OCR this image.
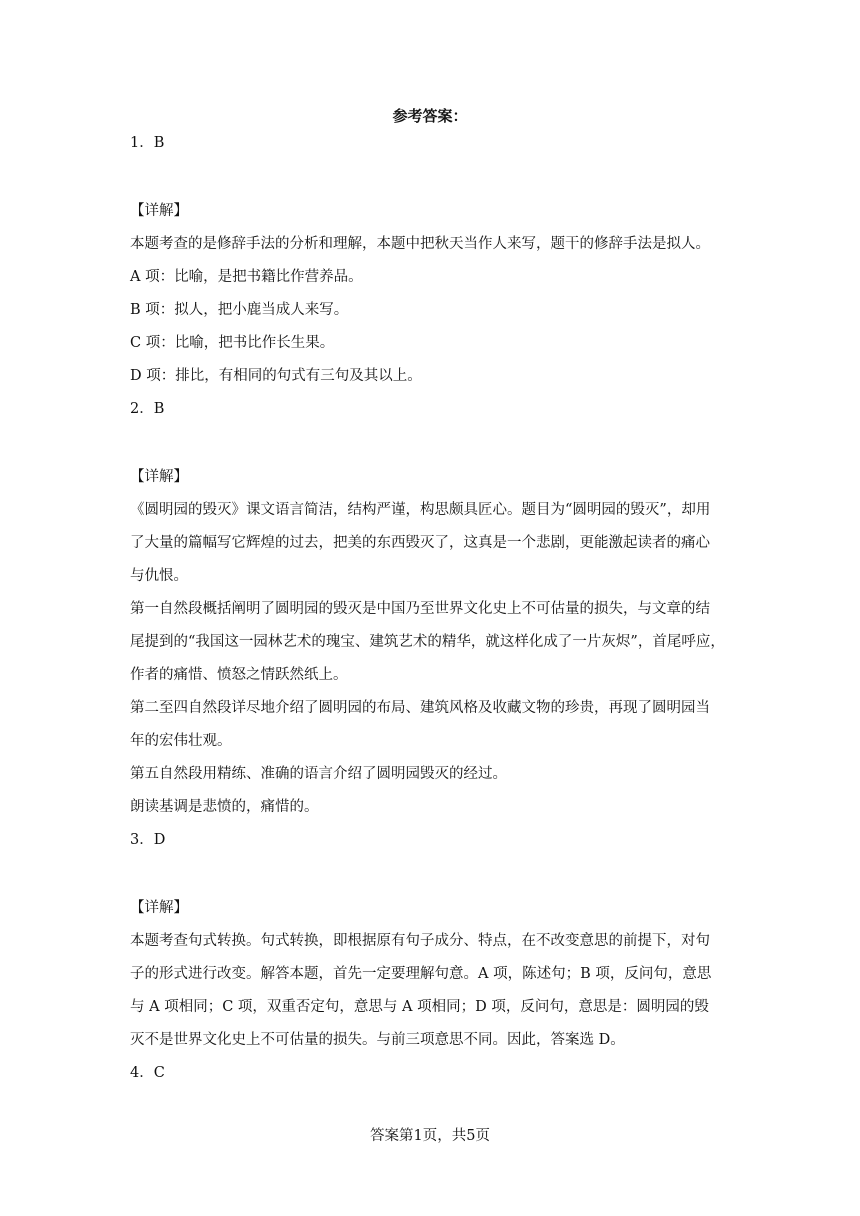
参考答案：

1．B

【详解】

本题考查的是修辞手法的分析和理解，本题中把秋天当作人来写，题干的修辞手法是拟人。

A 项：比喻，是把书籍比作营养品。

B 项：拟人，把小鹿当成人来写。

C 项：比喻，把书比作长生果。

D 项：排比，有相同的句式有三句及其以上。

2．B

【详解】

《圆明园的毁灭》课文语言简洁，结构严谨，构思颇具匠心。题目为“圆明园的毁灭”，却用

了大量的篇幅写它辉煌的过去，把美的东西毁灭了，这真是一个悲剧，更能激起读者的痛心

与仇恨。

第一自然段概括阐明了圆明园的毁灭是中国乃至世界文化史上不可估量的损失，与文章的结

尾提到的“我国这一园林艺术的瑰宝、建筑艺术的精华，就这样化成了一片灰烬”，首尾呼应，

作者的痛惜、愤怒之情跃然纸上。

第二至四自然段详尽地介绍了圆明园的布局、建筑风格及收藏文物的珍贵，再现了圆明园当

年的宏伟壮观。

第五自然段用精练、准确的语言介绍了圆明园毁灭的经过。

朗读基调是悲愤的，痛惜的。

3．D

【详解】

本题考查句式转换。句式转换，即根据原有句子成分、特点，在不改变意思的前提下，对句

子的形式进行改变。解答本题，首先一定要理解句意。A 项，陈述句；B 项，反问句，意思

与 A 项相同；C 项，双重否定句，意思与 A 项相同；D 项，反问句，意思是：圆明园的毁

灭不是世界文化史上不可估量的损失。与前三项意思不同。因此，答案选 D。

4．C

答案第1页，共5页
